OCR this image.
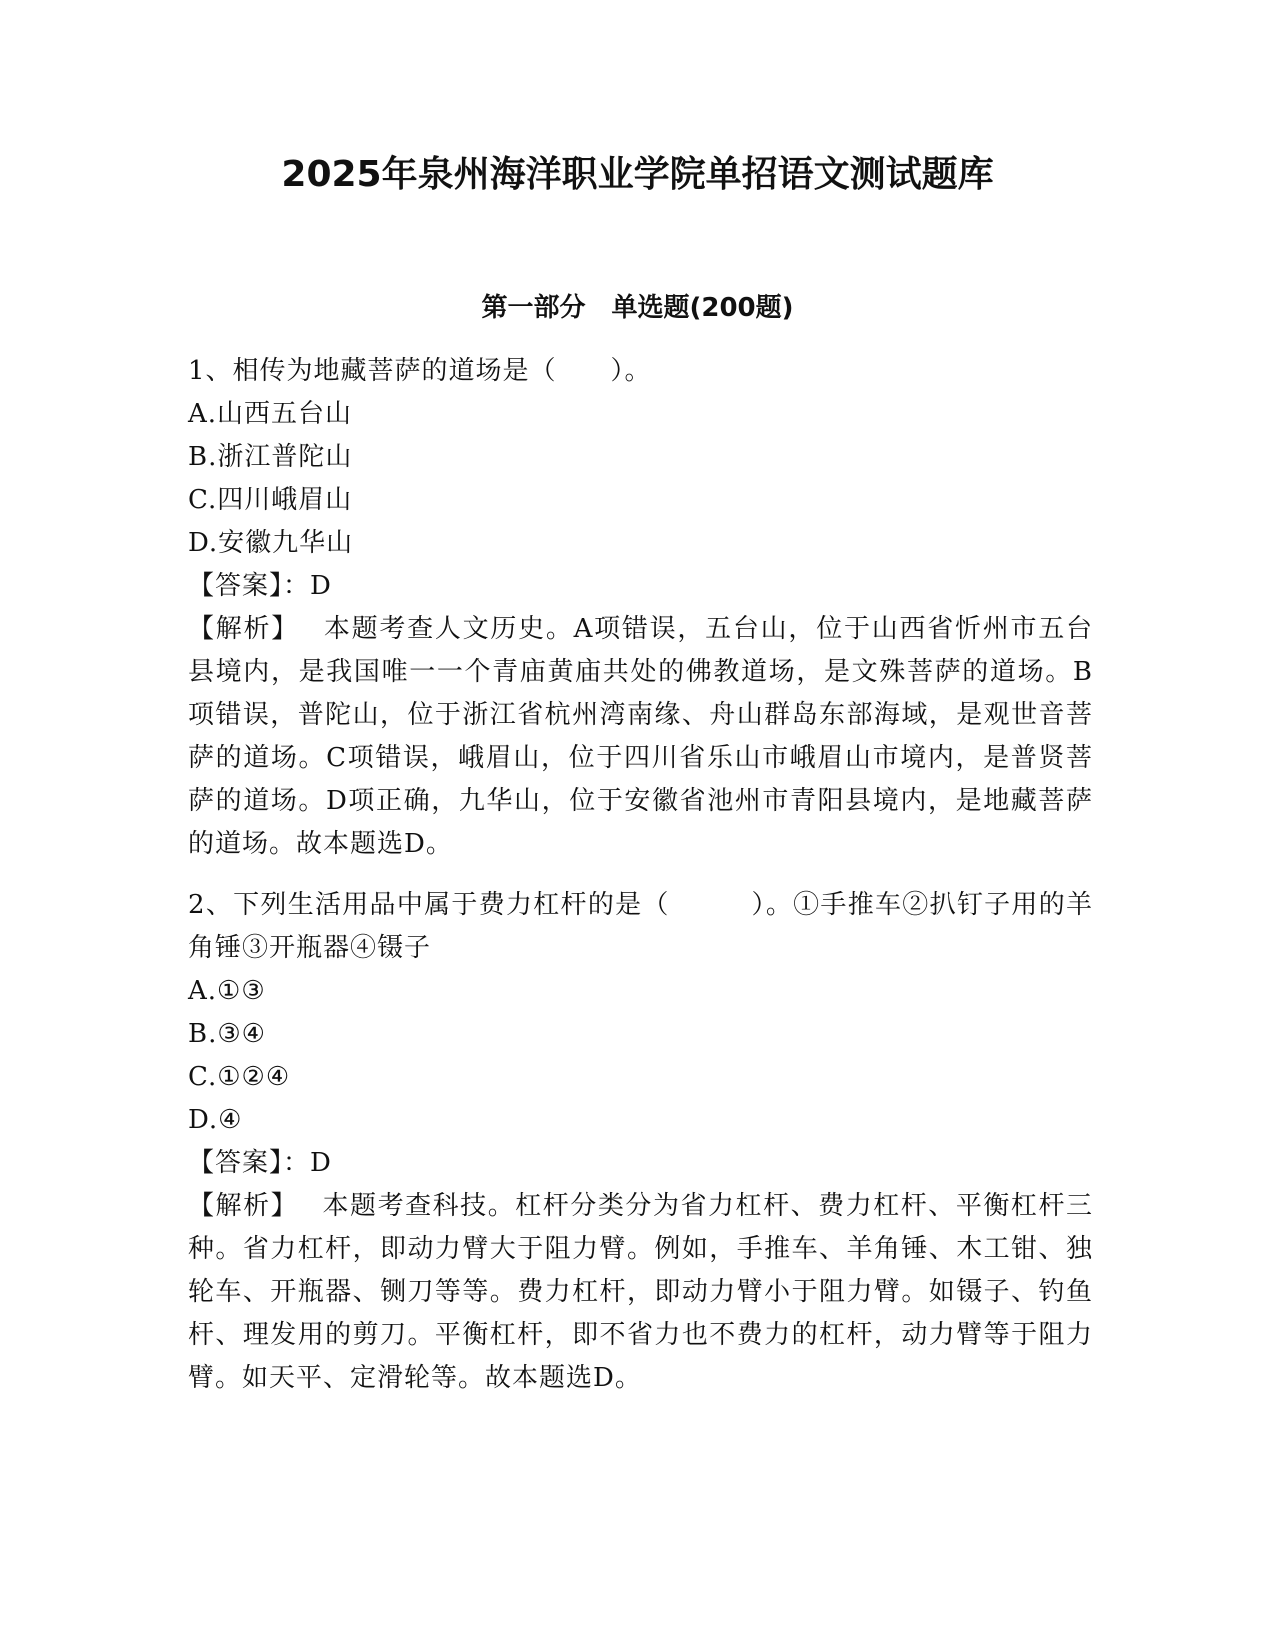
2025年泉州海洋职业学院单招语文测试题库
第一部分　单选题(200题)

1、相传为地藏菩萨的道场是（　　）。

A.山西五台山
B.浙江普陀山
C.四川峨眉山
D.安徽九华山

【答案】：D

【解析】　 本题考查人文历史。A项错误，五台山，位于山西省忻州市五台县境内，是我国唯一一个青庙黄庙共处的佛教道场，是文殊菩萨的道场。B项错误，普陀山，位于浙江省杭州湾南缘、舟山群岛东部海域，是观世音菩萨的道场。C项错误，峨眉山，位于四川省乐山市峨眉山市境内，是普贤菩萨的道场。D项正确，九华山，位于安徽省池州市青阳县境内，是地藏菩萨的道场。故本题选D。

2、下列生活用品中属于费力杠杆的是（　　　）。①手推车②扒钉子用的羊角锤③开瓶器④镊子

A.①③
B.③④
C.①②④
D.④

【答案】：D

【解析】　 本题考查科技。杠杆分类分为省力杠杆、费力杠杆、平衡杠杆三种。省力杠杆，即动力臂大于阻力臂。例如，手推车、羊角锤、木工钳、独轮车、开瓶器、铡刀等等。费力杠杆，即动力臂小于阻力臂。如镊子、钓鱼杆、理发用的剪刀。平衡杠杆，即不省力也不费力的杠杆，动力臂等于阻力臂。如天平、定滑轮等。故本题选D。
